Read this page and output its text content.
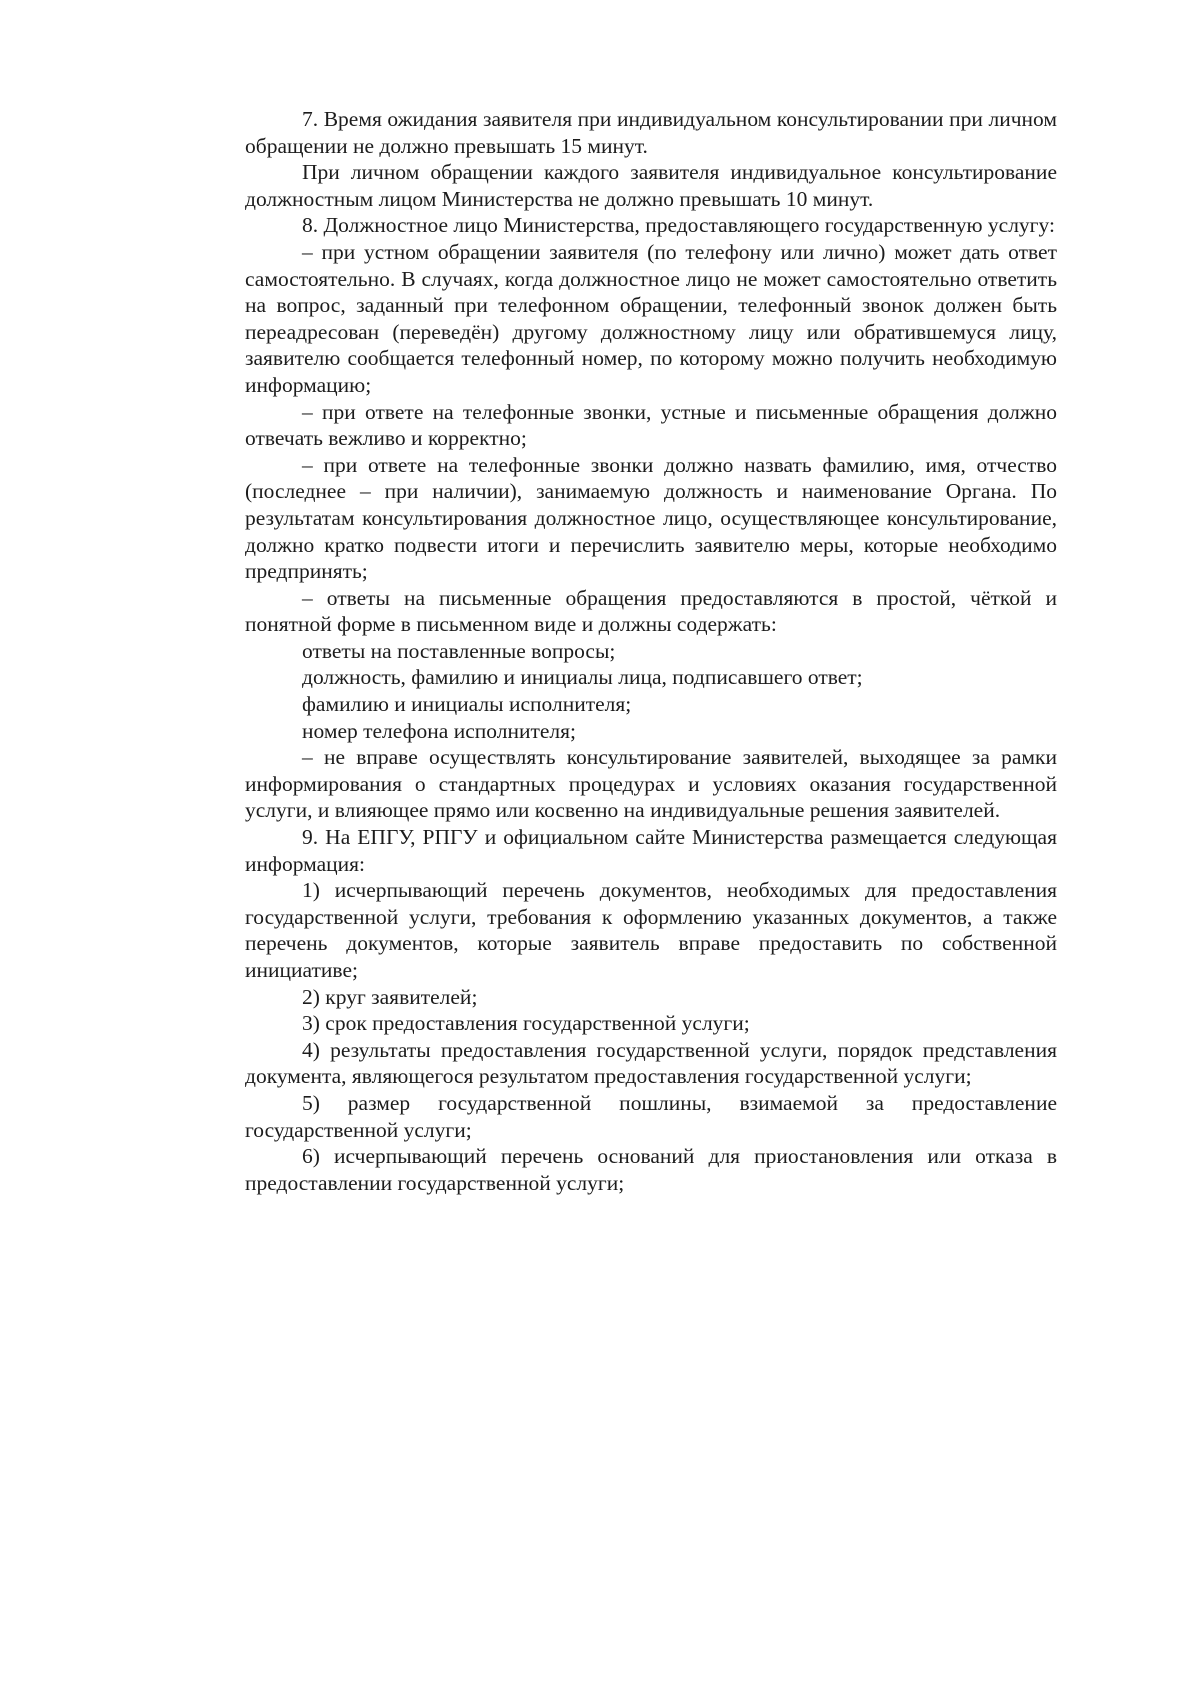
7. Время ожидания заявителя при индивидуальном консультировании при личном обращении не должно превышать 15 минут.

При личном обращении каждого заявителя индивидуальное консультирование должностным лицом Министерства не должно превышать 10 минут.

8. Должностное лицо Министерства, предоставляющего государственную услугу:

– при устном обращении заявителя (по телефону или лично) может дать ответ самостоятельно. В случаях, когда должностное лицо не может самостоятельно ответить на вопрос, заданный при телефонном обращении, телефонный звонок должен быть переадресован (переведён) другому должностному лицу или обратившемуся лицу, заявителю сообщается телефонный номер, по которому можно получить необходимую информацию;

– при ответе на телефонные звонки, устные и письменные обращения должно отвечать вежливо и корректно;

– при ответе на телефонные звонки должно назвать фамилию, имя, отчество (последнее – при наличии), занимаемую должность и наименование Органа. По результатам консультирования должностное лицо, осуществляющее консультирование, должно кратко подвести итоги и перечислить заявителю меры, которые необходимо предпринять;

– ответы на письменные обращения предоставляются в простой, чёткой и понятной форме в письменном виде и должны содержать:

ответы на поставленные вопросы;

должность, фамилию и инициалы лица, подписавшего ответ;

фамилию и инициалы исполнителя;

номер телефона исполнителя;

– не вправе осуществлять консультирование заявителей, выходящее за рамки информирования о стандартных процедурах и условиях оказания государственной услуги, и влияющее прямо или косвенно на индивидуальные решения заявителей.

9. На ЕПГУ, РПГУ и официальном сайте Министерства размещается следующая информация:

1) исчерпывающий перечень документов, необходимых для предоставления государственной услуги, требования к оформлению указанных документов, а также перечень документов, которые заявитель вправе предоставить по собственной инициативе;

2) круг заявителей;

3) срок предоставления государственной услуги;

4) результаты предоставления государственной услуги, порядок представления документа, являющегося результатом предоставления государственной услуги;

5) размер государственной пошлины, взимаемой за предоставление государственной услуги;

6) исчерпывающий перечень оснований для приостановления или отказа в предоставлении государственной услуги;
